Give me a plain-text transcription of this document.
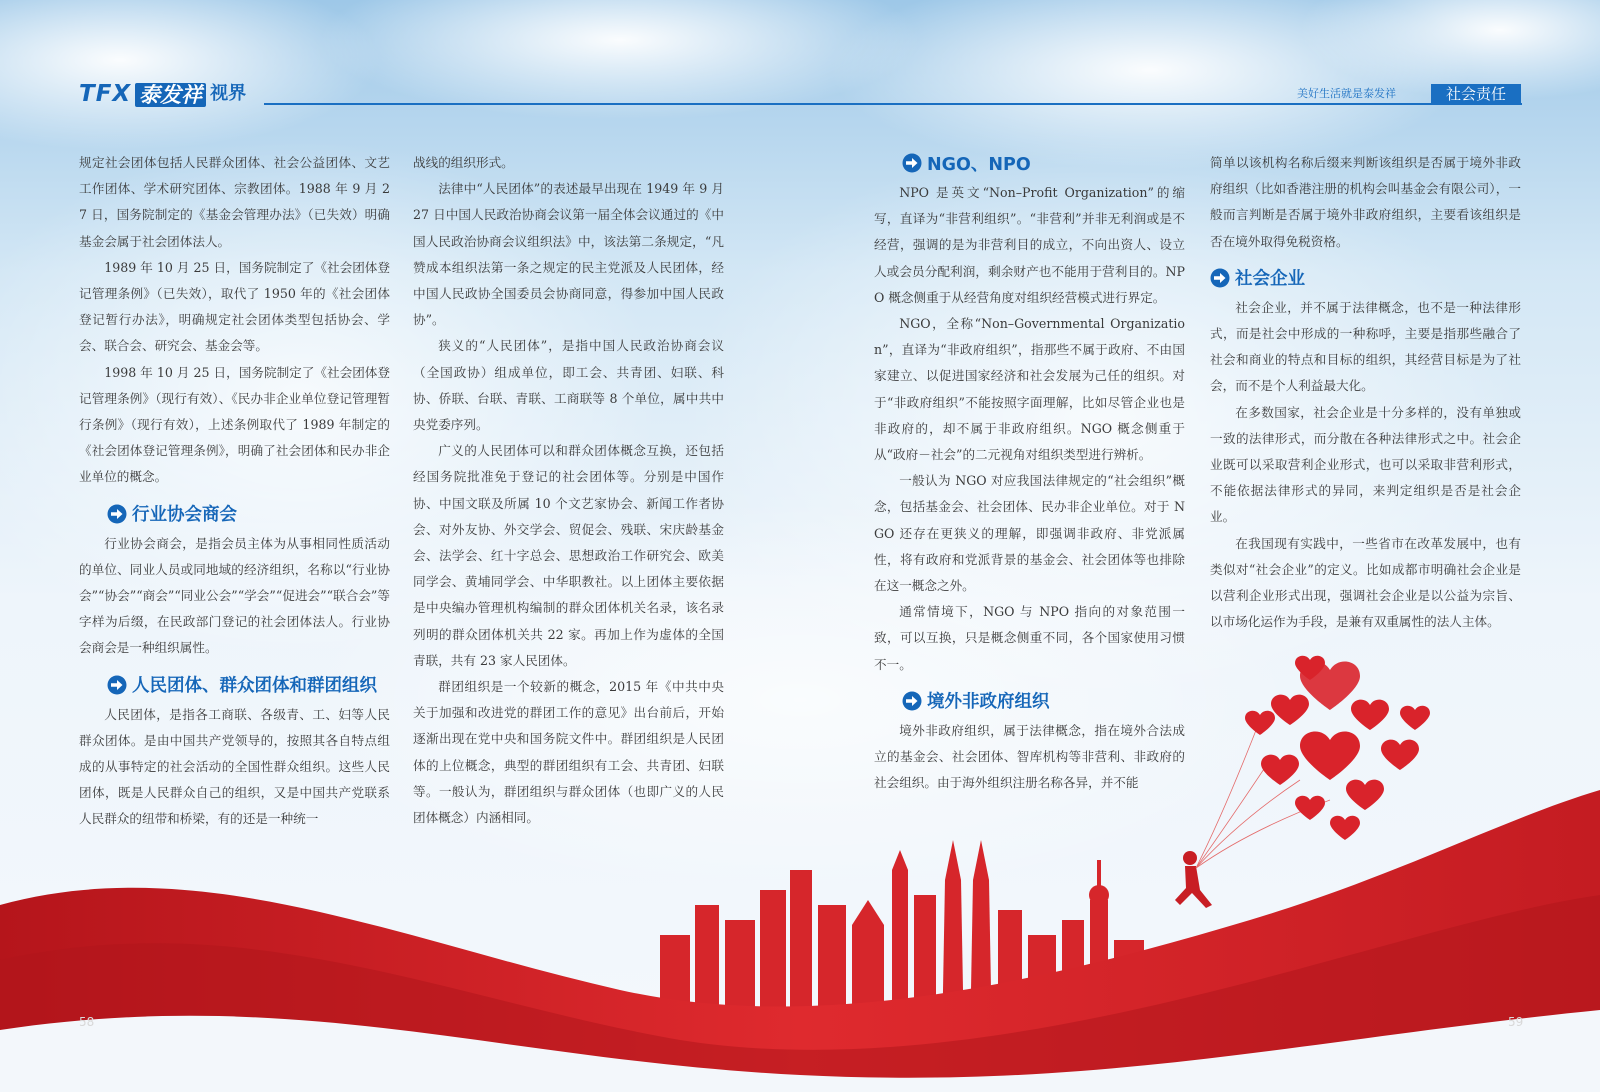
TFX 泰发祥 视界	美好生活就是泰发祥	社会责任

规定社会团体包括人民群众团体、社会公益团体、文艺工作团体、学术研究团体、宗教团体。1988 年 9 月 27 日，国务院制定的《基金会管理办法》（已失效）明确基金会属于社会团体法人。

1989 年 10 月 25 日，国务院制定了《社会团体登记管理条例》（已失效），取代了 1950 年的《社会团体登记暂行办法》，明确规定社会团体类型包括协会、学会、联合会、研究会、基金会等。

1998 年 10 月 25 日，国务院制定了《社会团体登记管理条例》（现行有效）、《民办非企业单位登记管理暂行条例》（现行有效），上述条例取代了 1989 年制定的《社会团体登记管理条例》，明确了社会团体和民办非企业单位的概念。

行业协会商会

行业协会商会，是指会员主体为从事相同性质活动的单位、同业人员或同地域的经济组织，名称以“行业协会”“协会”“商会”“同业公会”“学会”“促进会”“联合会”等字样为后缀，在民政部门登记的社会团体法人。行业协会商会是一种组织属性。

人民团体、群众团体和群团组织

人民团体，是指各工商联、各级青、工、妇等人民群众团体。是由中国共产党领导的，按照其各自特点组成的从事特定的社会活动的全国性群众组织。这些人民团体，既是人民群众自己的组织，又是中国共产党联系人民群众的纽带和桥梁，有的还是一种统一

战线的组织形式。

法律中“人民团体”的表述最早出现在 1949 年 9 月 27 日中国人民政治协商会议第一届全体会议通过的《中国人民政治协商会议组织法》中，该法第二条规定，“凡赞成本组织法第一条之规定的民主党派及人民团体，经中国人民政协全国委员会协商同意，得参加中国人民政协”。

狭义的“人民团体”，是指中国人民政治协商会议（全国政协）组成单位，即工会、共青团、妇联、科协、侨联、台联、青联、工商联等 8 个单位，属中共中央党委序列。

广义的人民团体可以和群众团体概念互换，还包括经国务院批准免于登记的社会团体等。分别是中国作协、中国文联及所属 10 个文艺家协会、新闻工作者协会、对外友协、外交学会、贸促会、残联、宋庆龄基金会、法学会、红十字总会、思想政治工作研究会、欧美同学会、黄埔同学会、中华职教社。以上团体主要依据是中央编办管理机构编制的群众团体机关名录，该名录列明的群众团体机关共 22 家。再加上作为虚体的全国青联，共有 23 家人民团体。

群团组织是一个较新的概念，2015 年《中共中央关于加强和改进党的群团工作的意见》出台前后，开始逐渐出现在党中央和国务院文件中。群团组织是人民团体的上位概念，典型的群团组织有工会、共青团、妇联等。一般认为，群团组织与群众团体（也即广义的人民团体概念）内涵相同。

NGO、NPO

NPO 是英文“Non–Profit Organization”的缩写，直译为“非营利组织”。“非营利”并非无利润或是不经营，强调的是为非营利目的成立，不向出资人、设立人或会员分配利润，剩余财产也不能用于营利目的。NPO 概念侧重于从经营角度对组织经营模式进行界定。

NGO，全称“Non–Governmental Organization”，直译为“非政府组织”，指那些不属于政府、不由国家建立、以促进国家经济和社会发展为己任的组织。对于“非政府组织”不能按照字面理解，比如尽管企业也是非政府的，却不属于非政府组织。NGO 概念侧重于从“政府－社会”的二元视角对组织类型进行辨析。

一般认为 NGO 对应我国法律规定的“社会组织”概念，包括基金会、社会团体、民办非企业单位。对于 NGO 还存在更狭义的理解，即强调非政府、非党派属性，将有政府和党派背景的基金会、社会团体等也排除在这一概念之外。

通常情境下，NGO 与 NPO 指向的对象范围一致，可以互换，只是概念侧重不同，各个国家使用习惯不一。

境外非政府组织

境外非政府组织，属于法律概念，指在境外合法成立的基金会、社会团体、智库机构等非营利、非政府的社会组织。由于海外组织注册名称各异，并不能

简单以该机构名称后缀来判断该组织是否属于境外非政府组织（比如香港注册的机构会叫基金会有限公司），一般而言判断是否属于境外非政府组织，主要看该组织是否在境外取得免税资格。

社会企业

社会企业，并不属于法律概念，也不是一种法律形式，而是社会中形成的一种称呼，主要是指那些融合了社会和商业的特点和目标的组织，其经营目标是为了社会，而不是个人利益最大化。

在多数国家，社会企业是十分多样的，没有单独或一致的法律形式，而分散在各种法律形式之中。社会企业既可以采取营利企业形式，也可以采取非营利形式，不能依据法律形式的异同，来判定组织是否是社会企业。

在我国现有实践中，一些省市在改革发展中，也有类似对“社会企业”的定义。比如成都市明确社会企业是以营利企业形式出现，强调社会企业是以公益为宗旨、以市场化运作为手段，是兼有双重属性的法人主体。

58	59
